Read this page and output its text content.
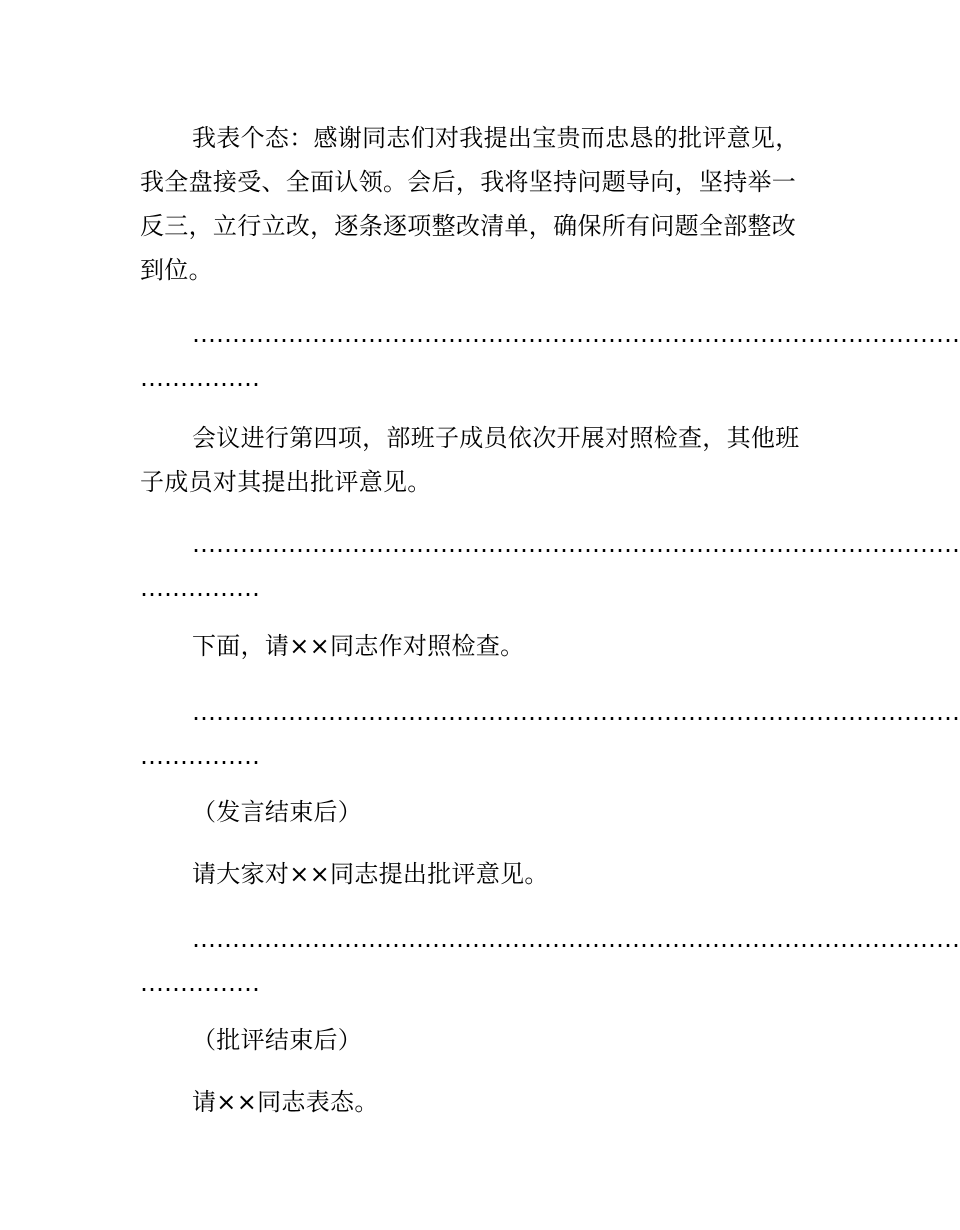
我表个态：感谢同志们对我提出宝贵而忠恳的批评意见，我全盘接受、全面认领。会后，我将坚持问题导向，坚持举一反三，立行立改，逐条逐项整改清单，确保所有问题全部整改到位。

……………………………………………………………………………………
……………

会议进行第四项，部班子成员依次开展对照检查，其他班子成员对其提出批评意见。

……………………………………………………………………………………
……………

下面，请××同志作对照检查。

……………………………………………………………………………………
……………

（发言结束后）

请大家对××同志提出批评意见。

……………………………………………………………………………………
……………

（批评结束后）

请××同志表态。
